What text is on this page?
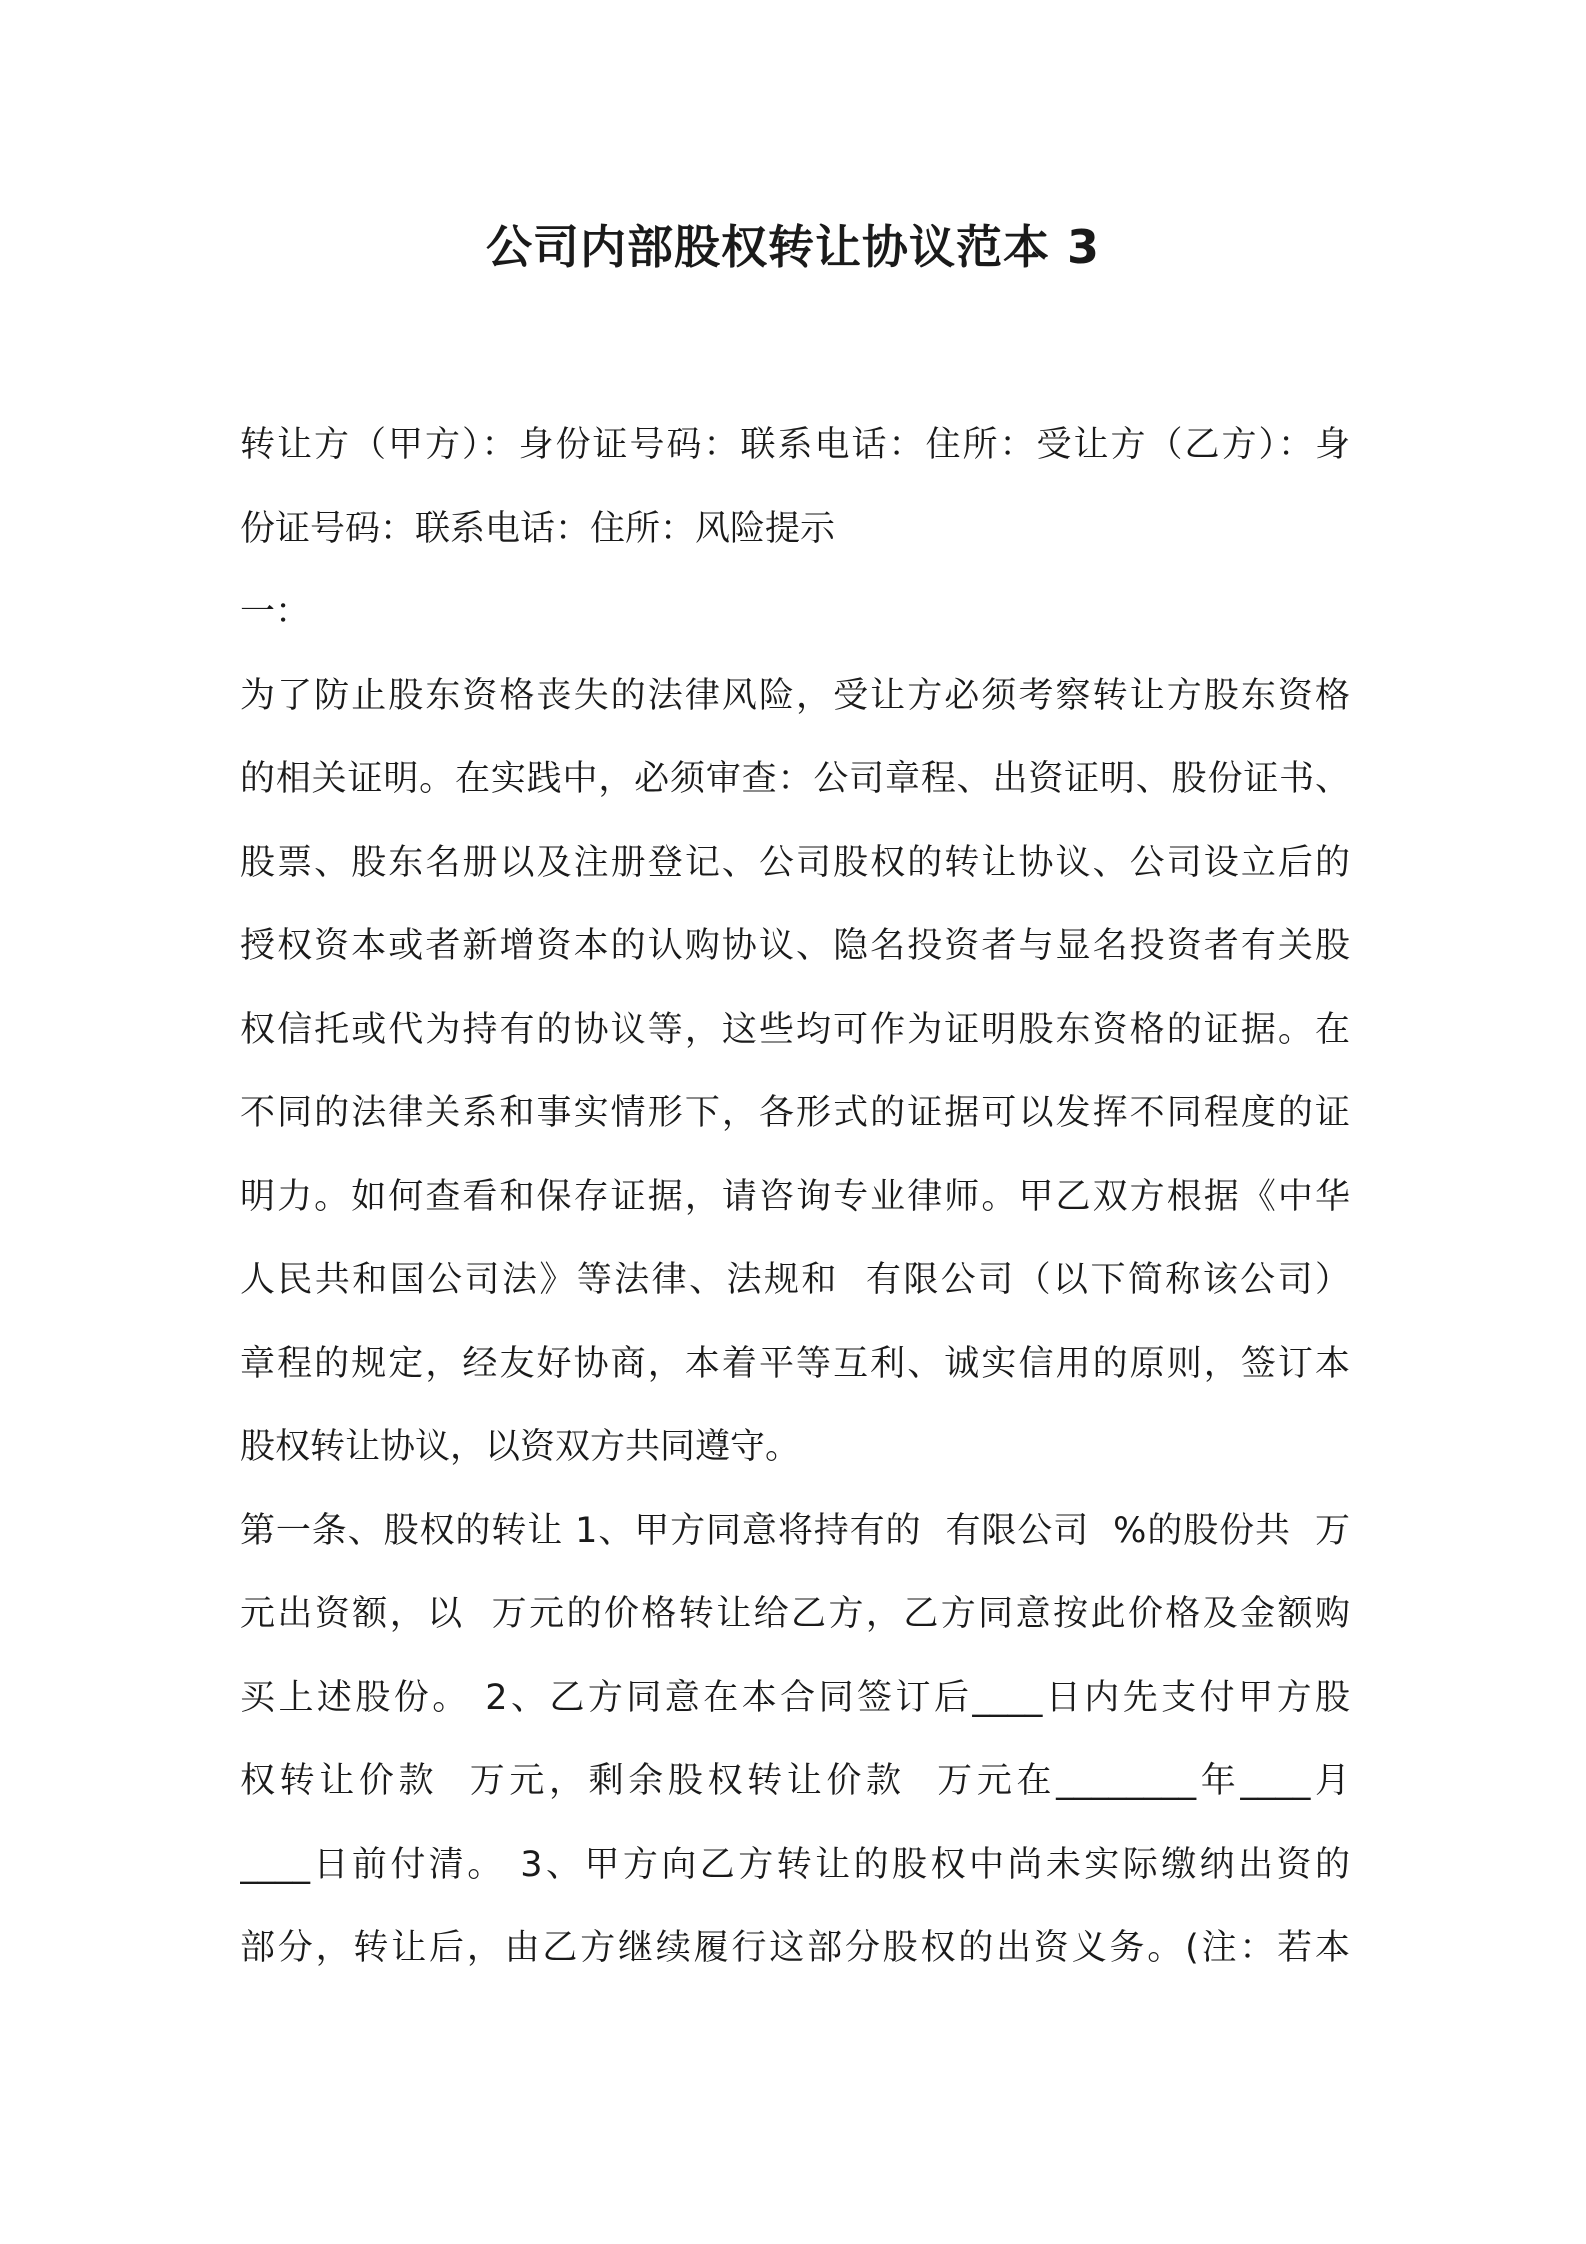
公司内部股权转让协议范本 3
转让方（甲方）：身份证号码：联系电话：住所：受让方（乙方）：身
份证号码：联系电话：住所：风险提示
一：
为了防止股东资格丧失的法律风险，受让方必须考察转让方股东资格
的相关证明。在实践中，必须审查：公司章程、出资证明、股份证书、
股票、股东名册以及注册登记、公司股权的转让协议、公司设立后的
授权资本或者新增资本的认购协议、隐名投资者与显名投资者有关股
权信托或代为持有的协议等，这些均可作为证明股东资格的证据。在
不同的法律关系和事实情形下，各形式的证据可以发挥不同程度的证
明力。如何查看和保存证据，请咨询专业律师。甲乙双方根据《中华
人民共和国公司法》等法律、法规和  有限公司（以下简称该公司）
章程的规定，经友好协商，本着平等互利、诚实信用的原则，签订本
股权转让协议，以资双方共同遵守。
第一条、股权的转让 1、甲方同意将持有的  有限公司  %的股份共  万
元出资额，以  万元的价格转让给乙方，乙方同意按此价格及金额购
买上述股份。 2、乙方同意在本合同签订后____日内先支付甲方股
权转让价款  万元，剩余股权转让价款  万元在________年____月
____日前付清。 3、甲方向乙方转让的股权中尚未实际缴纳出资的
部分，转让后，由乙方继续履行这部分股权的出资义务。(注：若本
